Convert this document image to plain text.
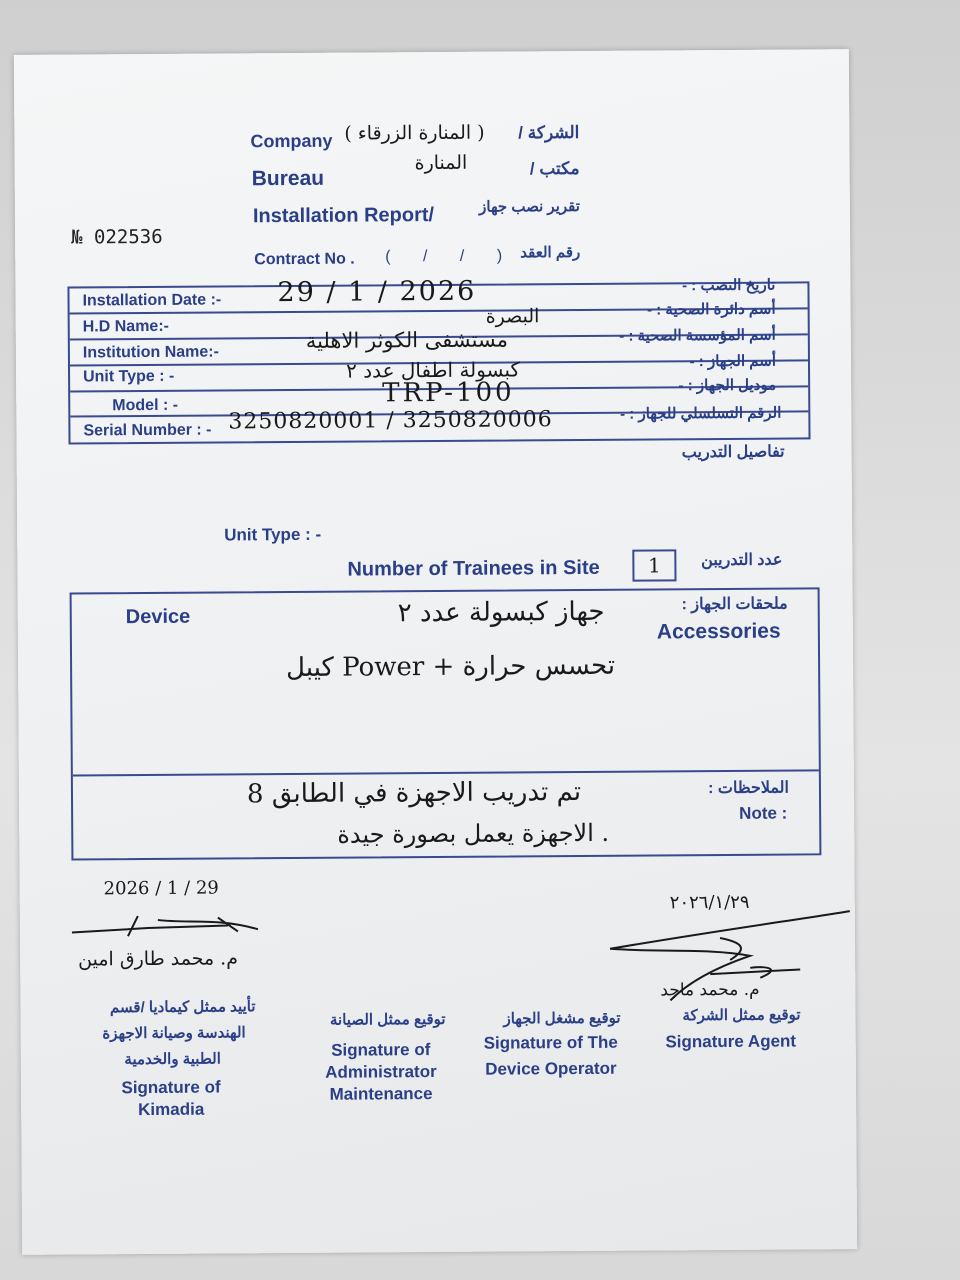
Company ( المنارة الزرقاء )	الشركة /
Bureau
المنارة	مكتب /
Installation Report/	تقرير نصب جهاز
№ 022536
Contract No . ( / / ) رقم العقد
Installation Date :- 29 / 1 / 2026	تاريخ النصب : -
H.D Name:-	البصرة	أسم دائرة الصحية : -
Institution Name:-	مستشفى الكوثر الاهلية	أسم المؤسسة الصحية : -
Unit Type : -	كبسولة اطفال عدد ٢	أسم الجهاز : -
Model : -	TRP-100	موديل الجهاز : -
Serial Number : - 3250820001 / 3250820006	الرقم التسلسلي للجهاز : -
تفاصيل التدريب
Unit Type : -
Number of Trainees in Site	1	عدد التدريبن
Device
ملحقات الجهاز :
Accessories
جهاز كبسولة عدد ٢
كيبل Power + تحسس حرارة
الملاحظات :
Note :
تم تدريب الاجهزة في الطابق 8
الاجهزة يعمل بصورة جيدة .
2026 / 1 / 29
م. محمد طارق امين
٢٠٢٦/١/٢٩
م. محمد ماجد
تأييد ممثل كيماديا /قسم
الهندسة وصيانة الاجهزة
الطبية والخدمية
Signature of
Kimadia
توقيع ممثل الصيانة
Signature of
Administrator
Maintenance
توقيع مشغل الجهاز
Signature of The
Device Operator
توقيع ممثل الشركة
Signature Agent
